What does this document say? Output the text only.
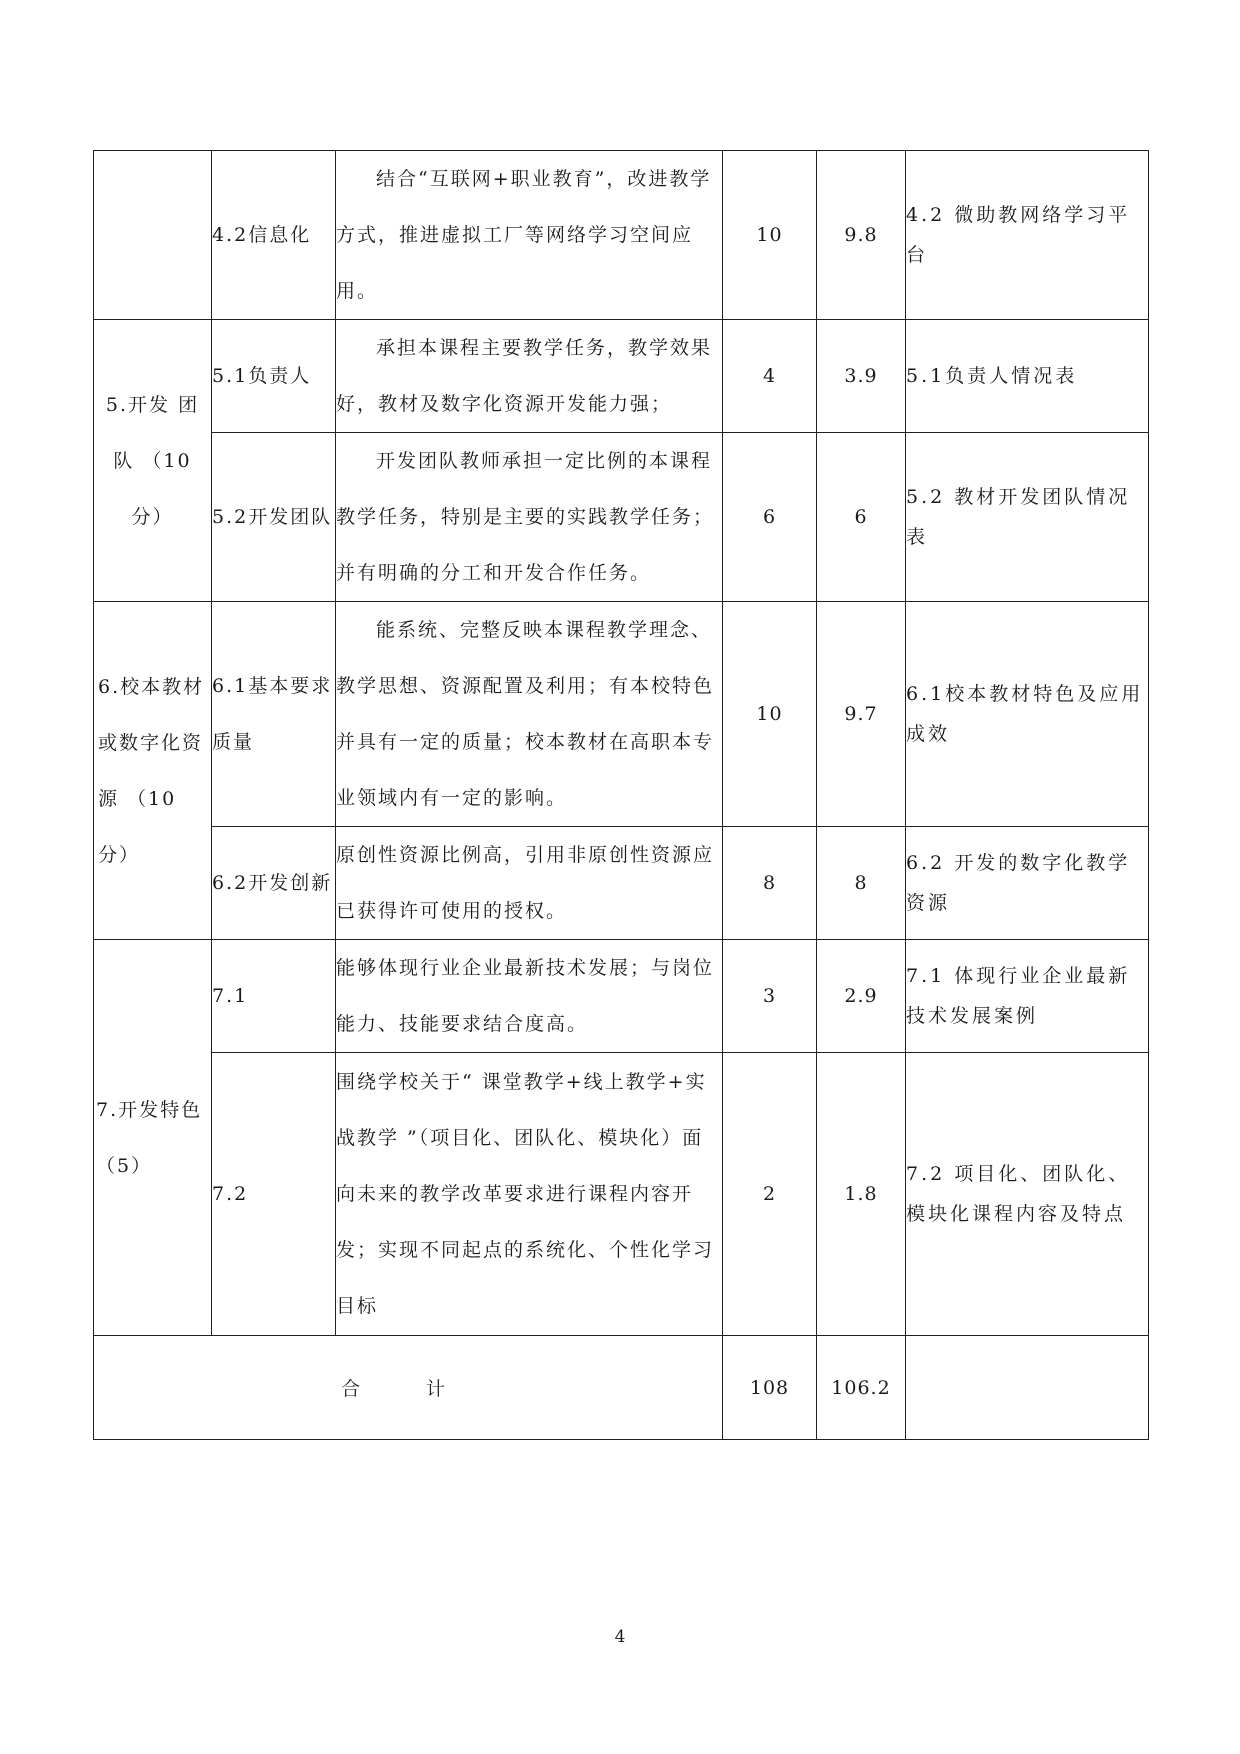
	4.2信息化	结合“互联网+职业教育”，改进教学方式，推进虚拟工厂等网络学习空间应用。	10	9.8	4.2 微助教网络学习平台

5.开发 团队 （10分）	5.1负责人	承担本课程主要教学任务，教学效果好，教材及数字化资源开发能力强；	4	3.9	5.1负责人情况表
	5.2开发团队	开发团队教师承担一定比例的本课程教学任务，特别是主要的实践教学任务；并有明确的分工和开发合作任务。	6	6	5.2 教材开发团队情况表

6.校本教材或数字化资源 （10分）	6.1基本要求质量	能系统、完整反映本课程教学理念、教学思想、资源配置及利用；有本校特色并具有一定的质量；校本教材在高职本专业领域内有一定的影响。	10	9.7	6.1校本教材特色及应用成效
	6.2开发创新	原创性资源比例高，引用非原创性资源应已获得许可使用的授权。	8	8	6.2 开发的数字化教学资源

7.开发特色（5）	7.1	能够体现行业企业最新技术发展；与岗位能力、技能要求结合度高。	3	2.9	7.1 体现行业企业最新技术发展案例
	7.2	围绕学校关于“ 课堂教学+线上教学+实战教学 ”（项目化、团队化、模块化）面向未来的教学改革要求进行课程内容开发；实现不同起点的系统化、个性化学习目标	2	1.8	7.2 项目化、团队化、模块化课程内容及特点
合 计			108	106.2	
4
